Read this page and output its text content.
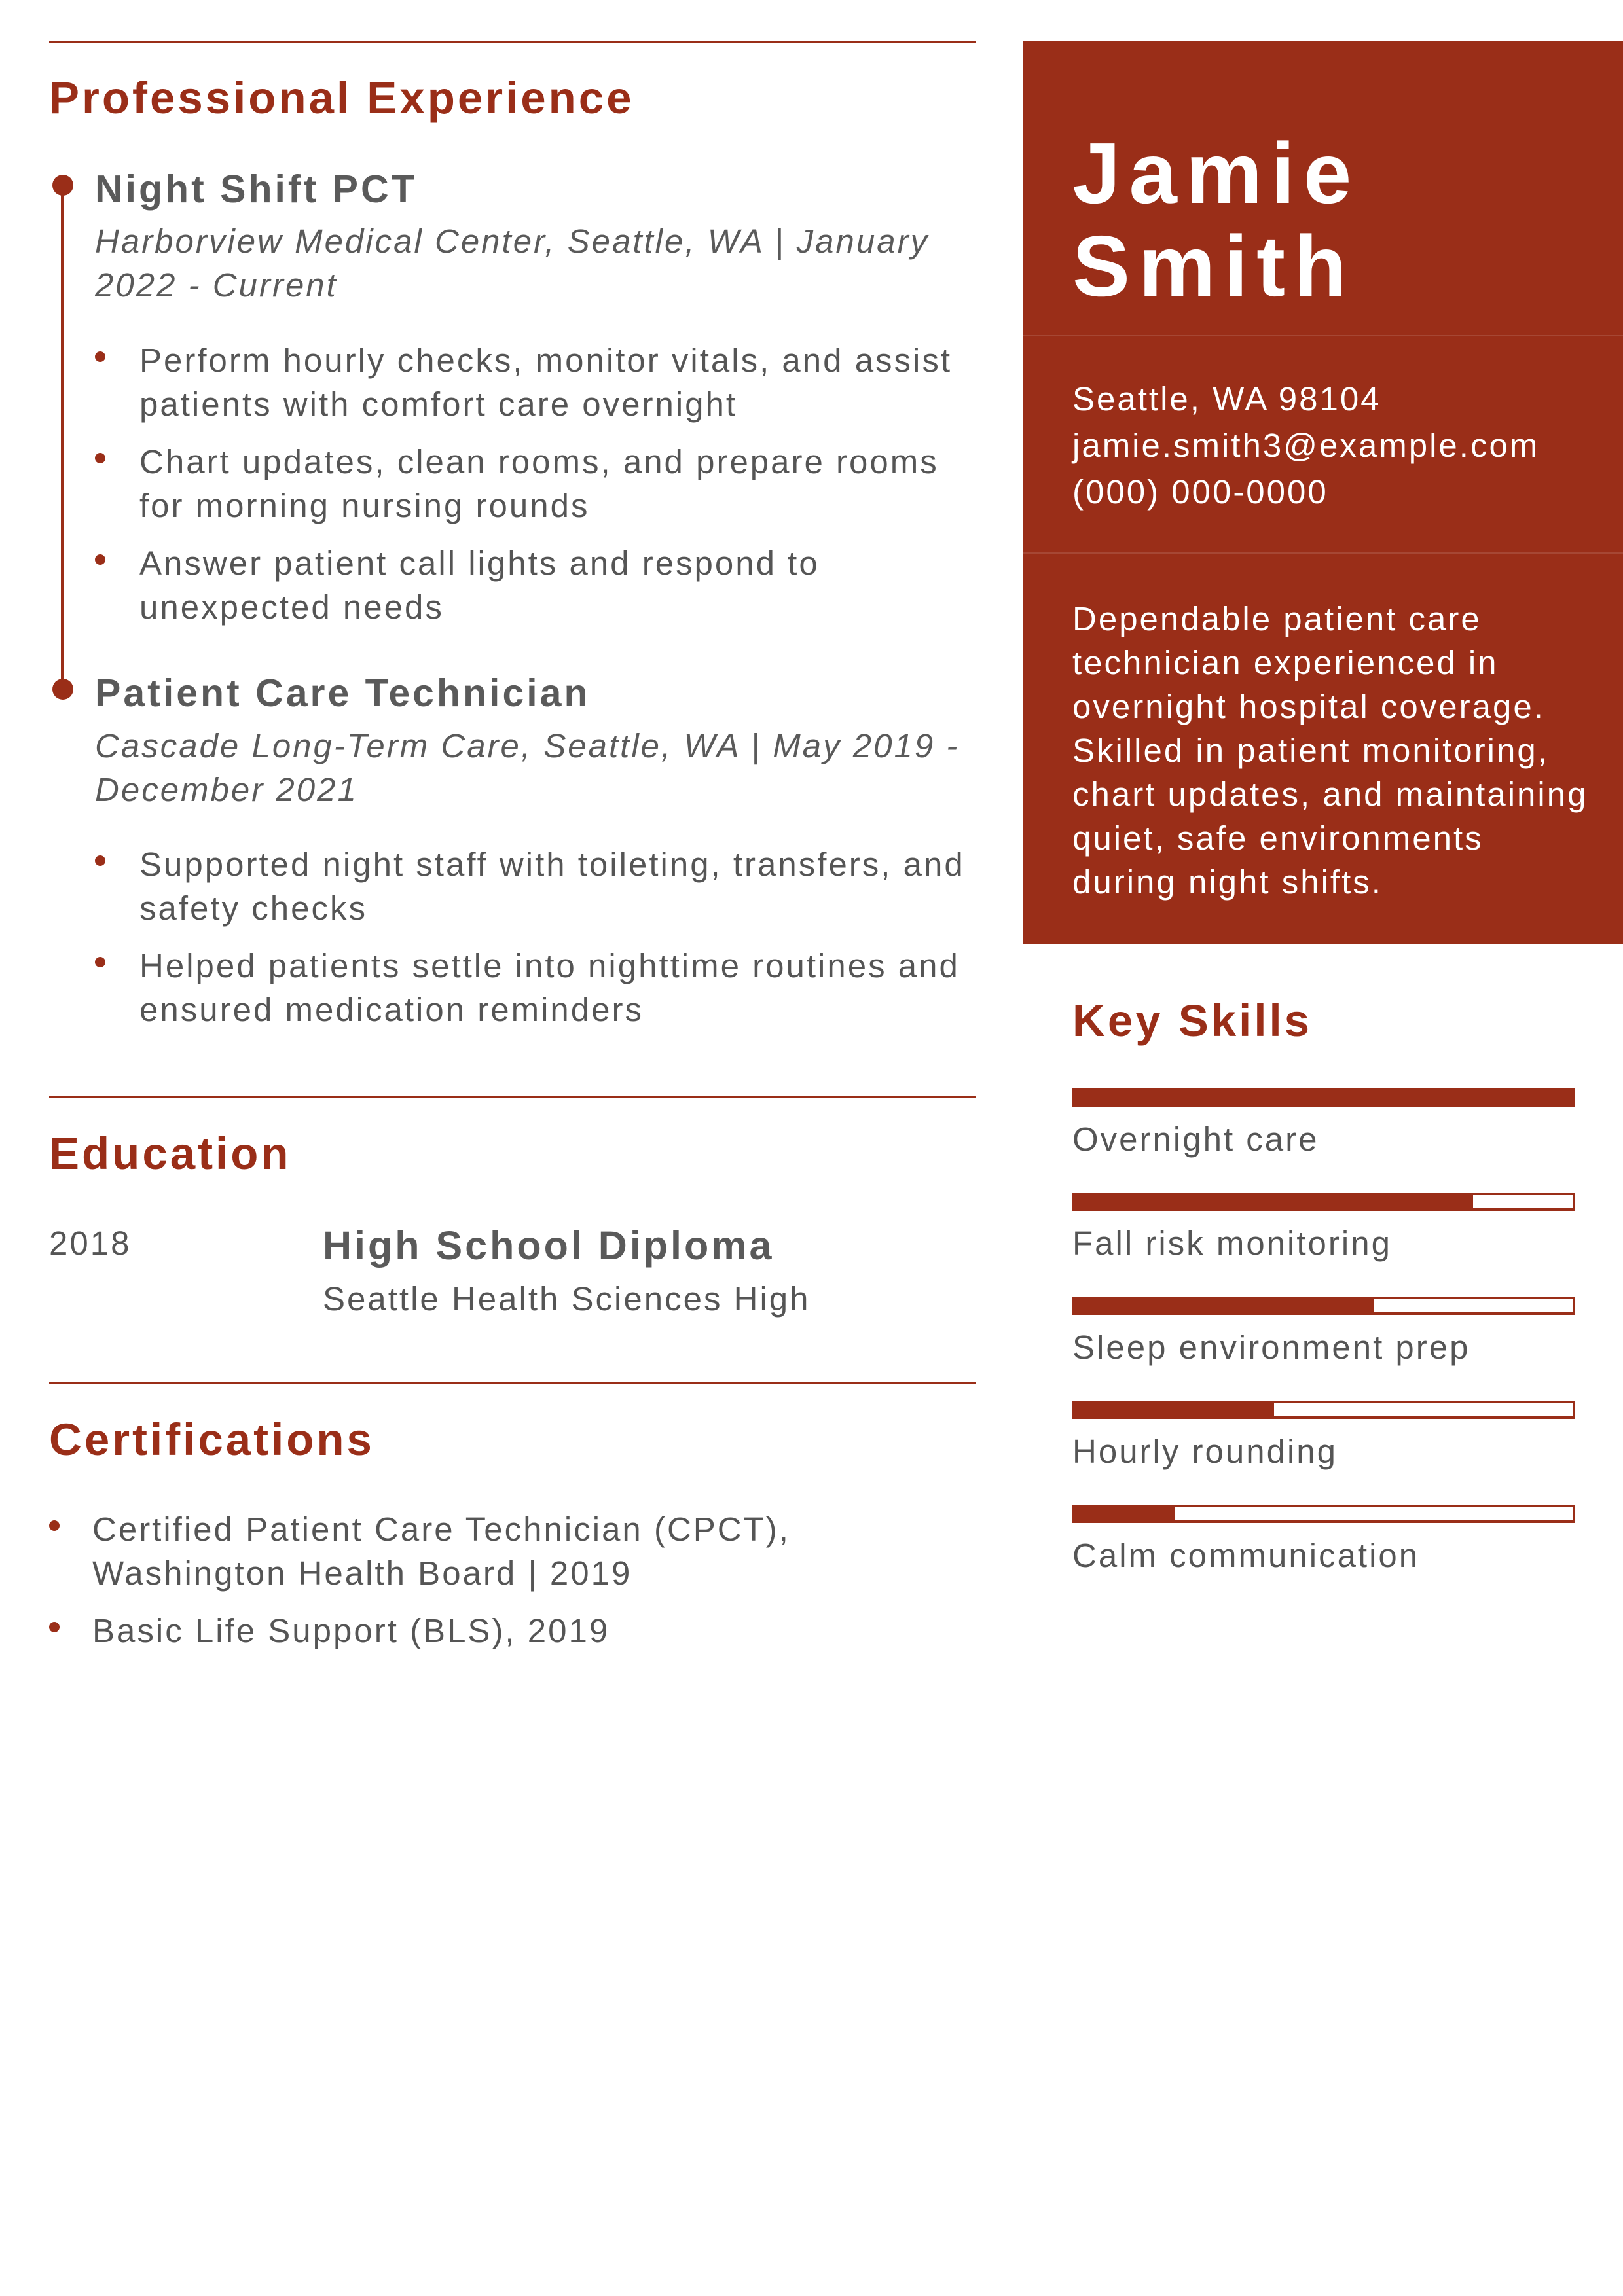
Professional Experience
Night Shift PCT
Harborview Medical Center, Seattle, WA | January
2022 - Current
Perform hourly checks, monitor vitals, and assist patients with comfort care overnight
Chart updates, clean rooms, and prepare rooms for morning nursing rounds
Answer patient call lights and respond to unexpected needs
Patient Care Technician
Cascade Long-Term Care, Seattle, WA | May 2019 -
December 2021
Supported night staff with toileting, transfers, and safety checks
Helped patients settle into nighttime routines and ensured medication reminders
Education
2018	High School Diploma
Seattle Health Sciences High
Certifications
Certified Patient Care Technician (CPCT), Washington Health Board | 2019
Basic Life Support (BLS), 2019
Jamie
Smith
Seattle, WA 98104
jamie.smith3@example.com
(000) 000-0000
Dependable patient care technician experienced in overnight hospital coverage. Skilled in patient monitoring, chart updates, and maintaining quiet, safe environments during night shifts.
Key Skills
Overnight care
Fall risk monitoring
Sleep environment prep
Hourly rounding
Calm communication
